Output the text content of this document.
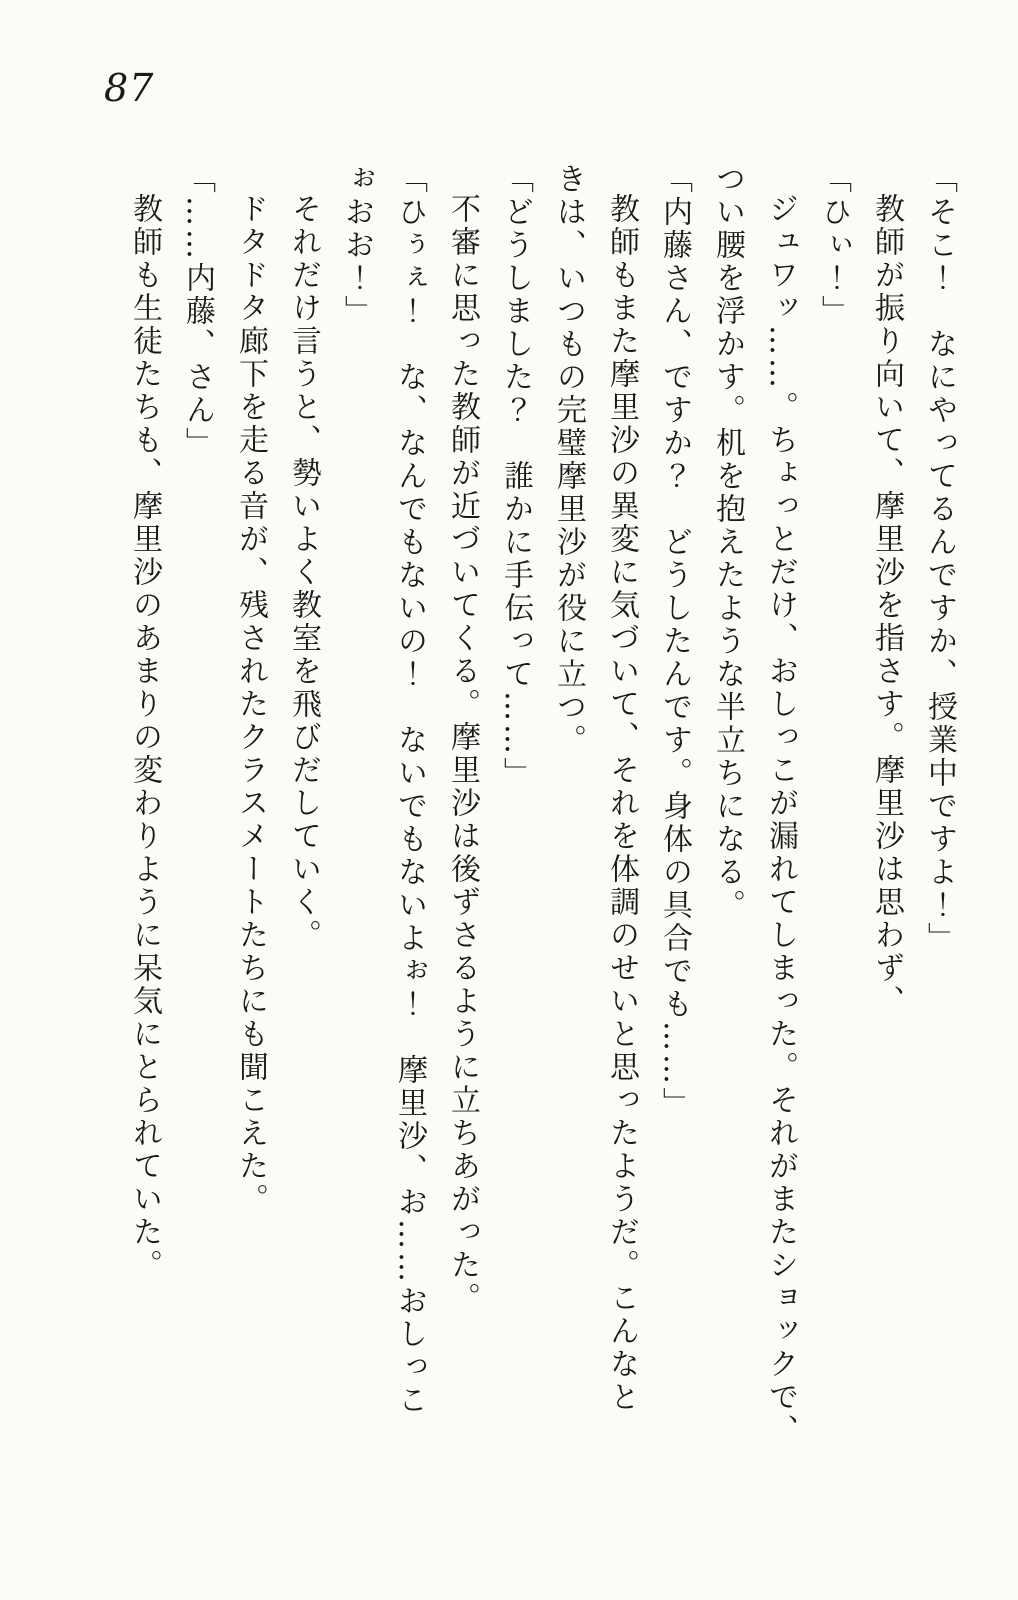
87
「そこ！　なにやってるんですか、授業中ですよ！」
教師が振り向いて、摩里沙を指さす。摩里沙は思わず、
「ひぃ！」
ジュワッ……。ちょっとだけ、おしっこが漏れてしまった。それがまたショックで、
つい腰を浮かす。机を抱えたような半立ちになる。
「内藤さん、ですか？　どうしたんです。身体の具合でも……」
教師もまた摩里沙の異変に気づいて、それを体調のせいと思ったようだ。こんなと
きは、いつもの完璧摩里沙が役に立つ。
「どうしました？　誰かに手伝って……」
不審に思った教師が近づいてくる。摩里沙は後ずさるように立ちあがった。
「ひぅぇ！　な、なんでもないの！　ないでもないよぉ！　摩里沙、お……おしっこ
ぉおお！」
それだけ言うと、勢いよく教室を飛びだしていく。
ドタドタ廊下を走る音が、残されたクラスメートたちにも聞こえた。
「……内藤、さん」
教師も生徒たちも、摩里沙のあまりの変わりように呆気にとられていた。
